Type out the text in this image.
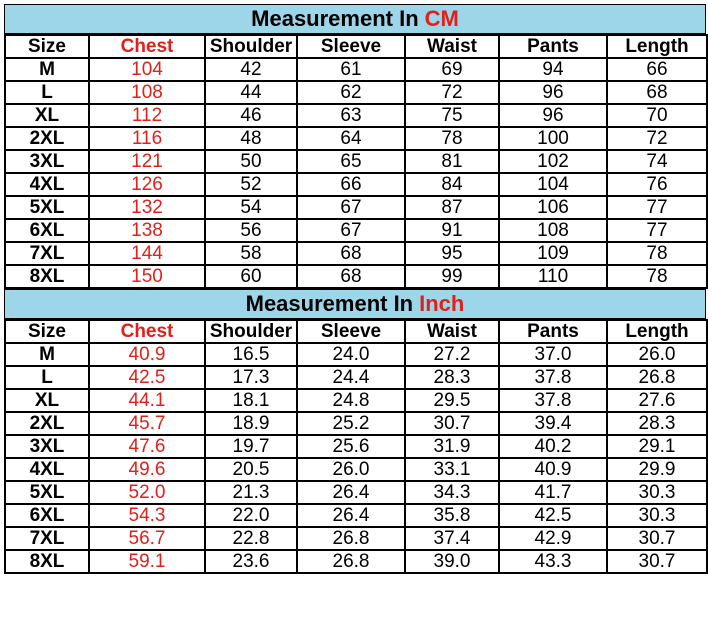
Measurement In CM
Size	Chest	Shoulder	Sleeve	Waist	Pants	Length
M	104	42	61	69	94	66
L	108	44	62	72	96	68
XL	112	46	63	75	96	70
2XL	116	48	64	78	100	72
3XL	121	50	65	81	102	74
4XL	126	52	66	84	104	76
5XL	132	54	67	87	106	77
6XL	138	56	67	91	108	77
7XL	144	58	68	95	109	78
8XL	150	60	68	99	110	78
Measurement In Inch
Size	Chest	Shoulder	Sleeve	Waist	Pants	Length
M	40.9	16.5	24.0	27.2	37.0	26.0
L	42.5	17.3	24.4	28.3	37.8	26.8
XL	44.1	18.1	24.8	29.5	37.8	27.6
2XL	45.7	18.9	25.2	30.7	39.4	28.3
3XL	47.6	19.7	25.6	31.9	40.2	29.1
4XL	49.6	20.5	26.0	33.1	40.9	29.9
5XL	52.0	21.3	26.4	34.3	41.7	30.3
6XL	54.3	22.0	26.4	35.8	42.5	30.3
7XL	56.7	22.8	26.8	37.4	42.9	30.7
8XL	59.1	23.6	26.8	39.0	43.3	30.7
